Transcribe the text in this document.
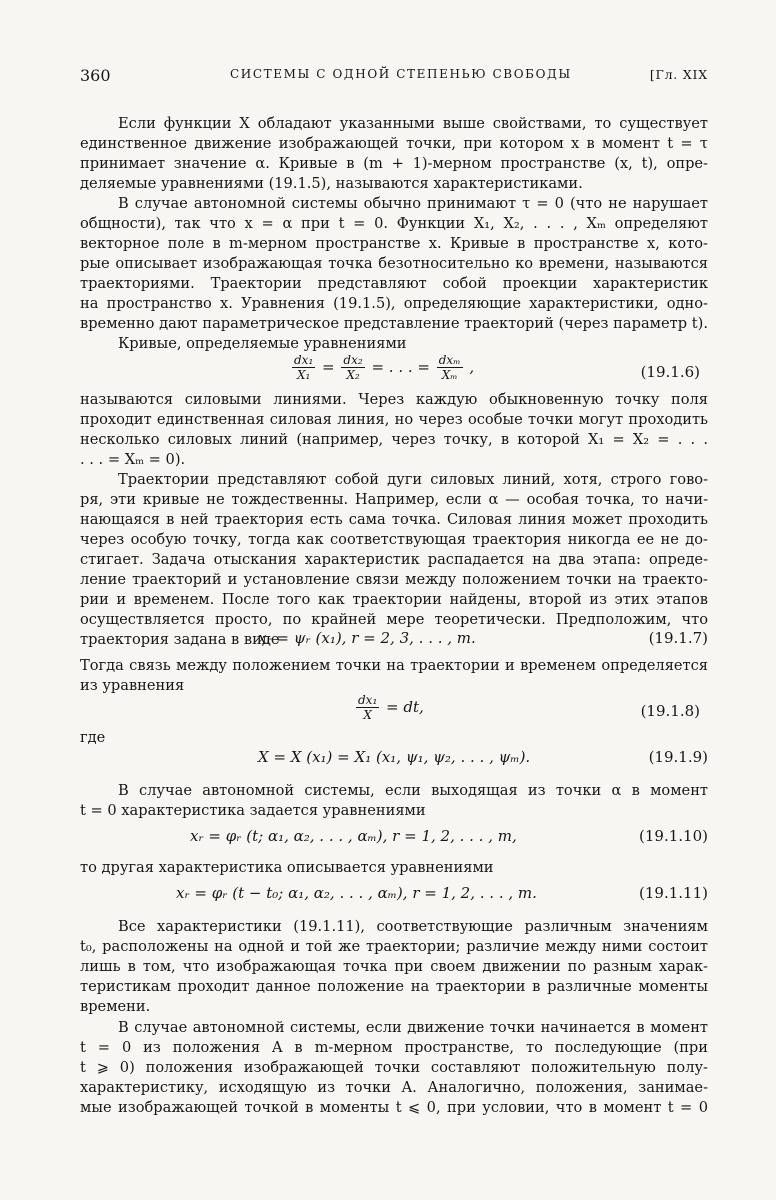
360	СИСТЕМЫ С ОДНОЙ СТЕПЕНЬЮ СВОБОДЫ	[Гл. XIX
Если функции X обладают указанными выше свойствами, то существует
единственное движение изображающей точки, при котором x в момент t = τ
принимает значение α. Кривые в (m + 1)-мерном пространстве (x, t), опре-
деляемые уравнениями (19.1.5), называются характеристиками.
В случае автономной системы обычно принимают τ = 0 (что не нарушает
общности), так что x = α при t = 0. Функции X₁, X₂, . . . , Xₘ определяют
векторное поле в m-мерном пространстве x. Кривые в пространстве x, кото-
рые описывает изображающая точка безотносительно ко времени, называются
траекториями. Траектории представляют собой проекции характеристик
на пространство x. Уравнения (19.1.5), определяющие характеристики, одно-
временно дают параметрическое представление траекторий (через параметр t).
Кривые, определяемые уравнениями
$\frac{\text{dx₁}}{\text{X₁}} = \frac{\text{dx₂}}{\text{X₂}}$ = . . . = $\frac{\text{dxₘ}}{\text{Xₘ}}$ ,	(19.1.6)
называются силовыми линиями. Через каждую обыкновенную точку поля
проходит единственная силовая линия, но через особые точки могут проходить
несколько силовых линий (например, через точку, в которой X₁ = X₂ = . . .
. . . = Xₘ = 0).
Траектории представляют собой дуги силовых линий, хотя, строго гово-
ря, эти кривые не тождественны. Например, если α — особая точка, то начи-
нающаяся в ней траектория есть сама точка. Силовая линия может проходить
через особую точку, тогда как соответствующая траектория никогда ее не до-
стигает. Задача отыскания характеристик распадается на два этапа: опреде-
ление траекторий и установление связи между положением точки на траекто-
рии и временем. После того как траектории найдены, второй из этих этапов
осуществляется просто, по крайней мере теоретически. Предположим, что
траектория задана в виде
xᵣ = ψᵣ (x₁), r = 2, 3, . . . , m.	(19.1.7)
Тогда связь между положением точки на траектории и временем определяется
из уравнения
$\frac{\text{dx₁}}{X}$ = dt,	(19.1.8)
где
X = X (x₁) = X₁ (x₁, ψ₁, ψ₂, . . . , ψₘ).	(19.1.9)
В случае автономной системы, если выходящая из точки α в момент
t = 0 характеристика задается уравнениями
xᵣ = φᵣ (t; α₁, α₂, . . . , αₘ), r = 1, 2, . . . , m,	(19.1.10)
то другая характеристика описывается уравнениями
xᵣ = φᵣ (t − t₀; α₁, α₂, . . . , αₘ), r = 1, 2, . . . , m.	(19.1.11)
Все характеристики (19.1.11), соответствующие различным значениям
t₀, расположены на одной и той же траектории; различие между ними состоит
лишь в том, что изображающая точка при своем движении по разным харак-
теристикам проходит данное положение на траектории в различные моменты
времени.
В случае автономной системы, если движение точки начинается в момент
t = 0 из положения A в m-мерном пространстве, то последующие (при
t ⩾ 0) положения изображающей точки составляют положительную полу-
характеристику, исходящую из точки A. Аналогично, положения, занимае-
мые изображающей точкой в моменты t ⩽ 0, при условии, что в момент t = 0
